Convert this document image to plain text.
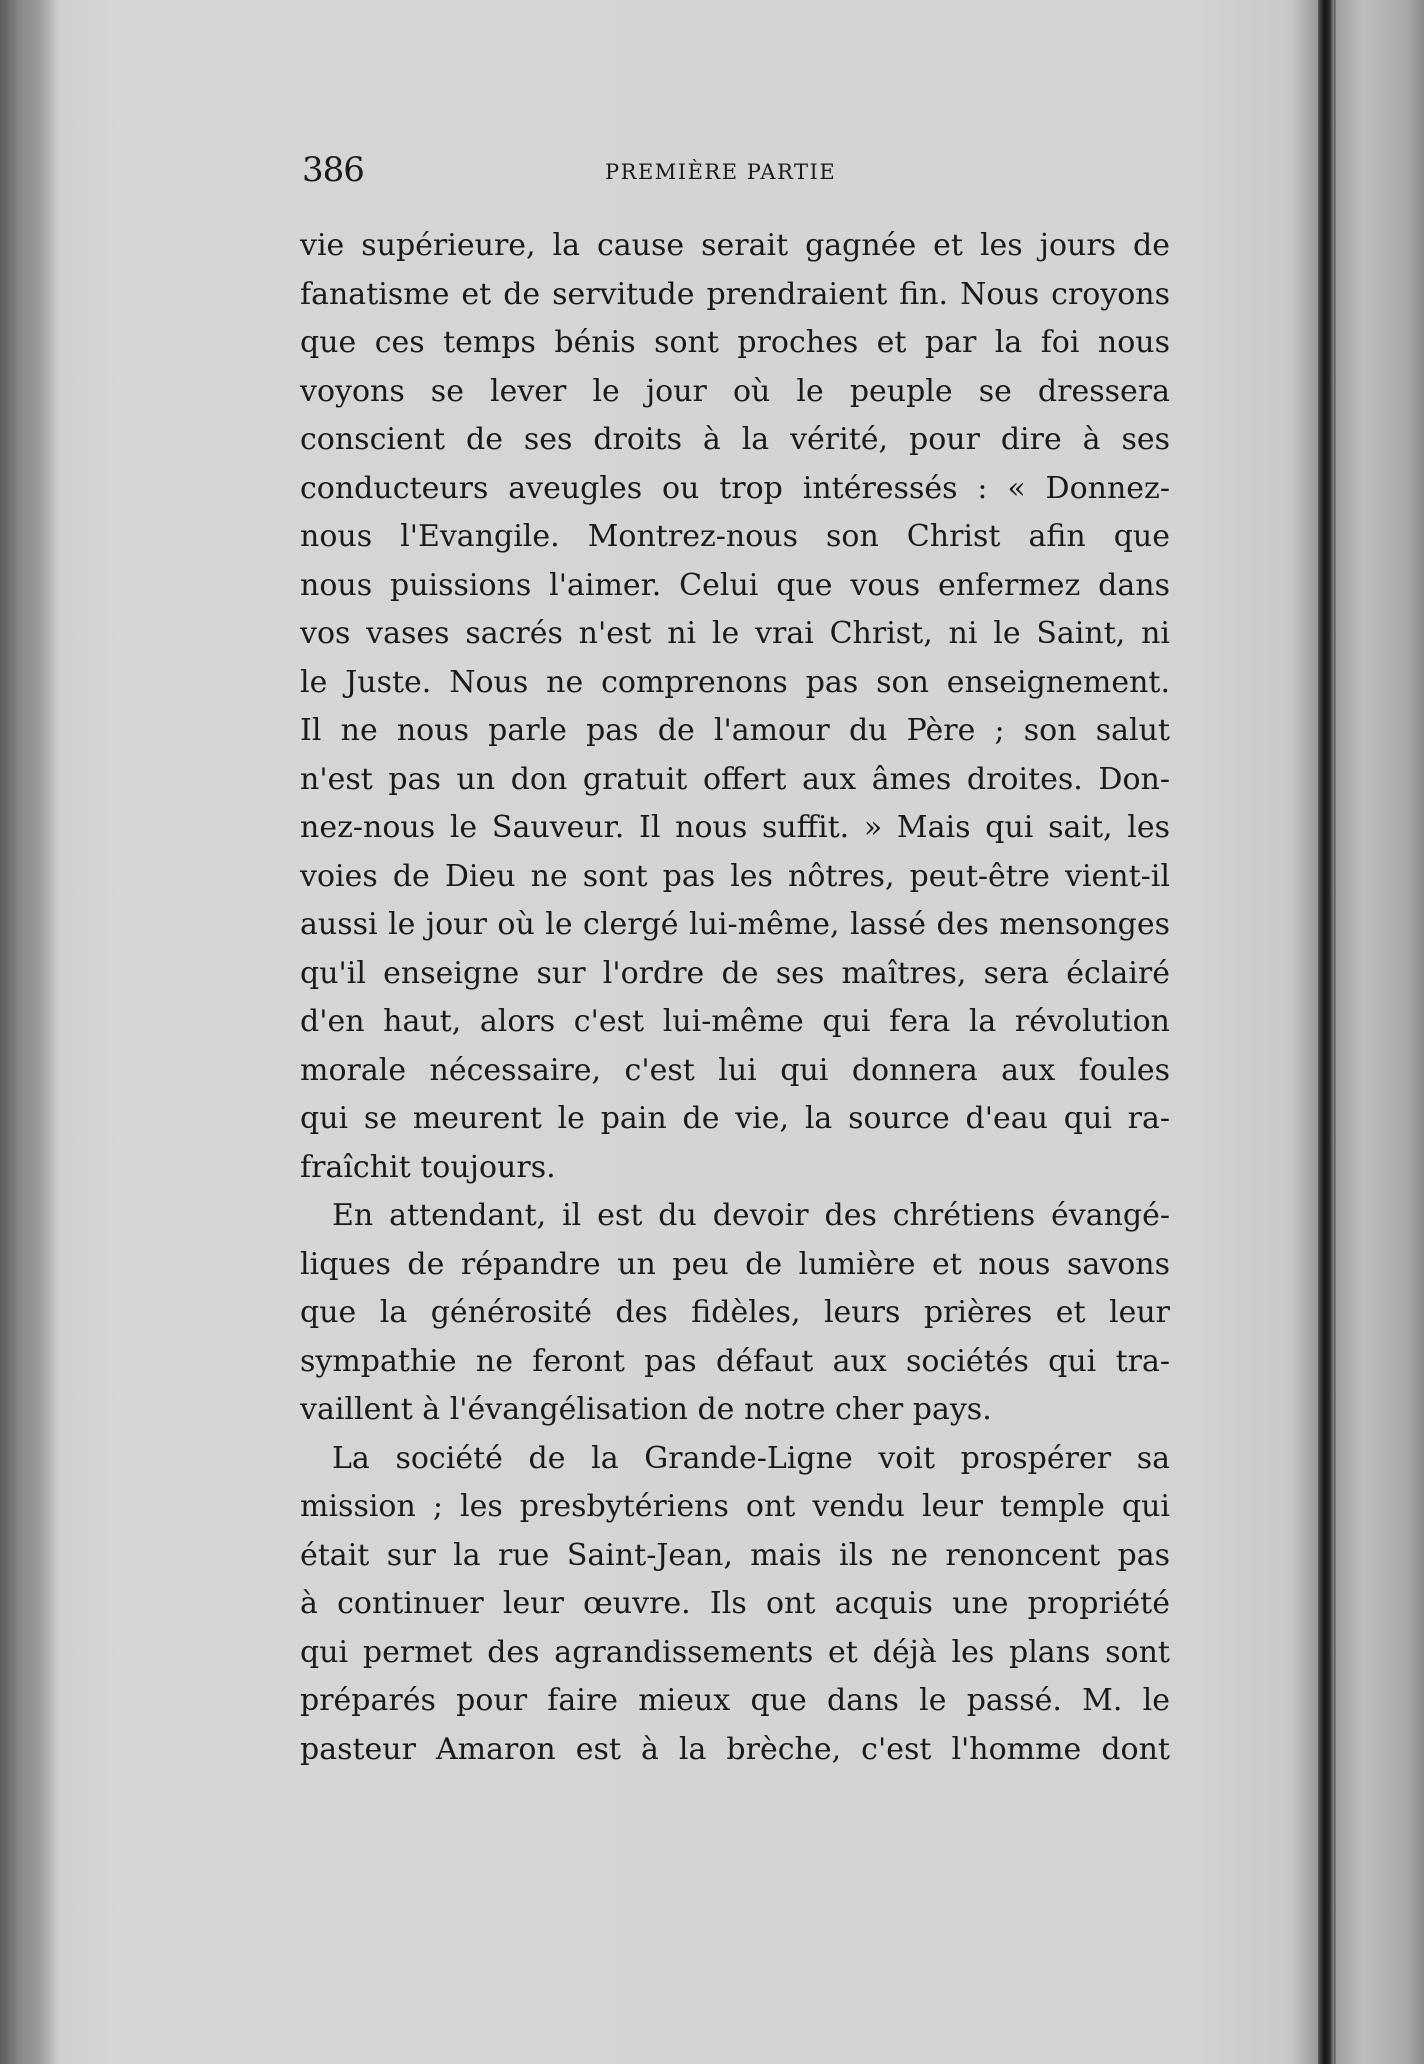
386	PREMIÈRE PARTIE
vie supérieure, la cause serait gagnée et les jours de
fanatisme et de servitude prendraient fin. Nous croyons
que ces temps bénis sont proches et par la foi nous
voyons se lever le jour où le peuple se dressera
conscient de ses droits à la vérité, pour dire à ses
conducteurs aveugles ou trop intéressés : « Donnez-
nous l'Evangile. Montrez-nous son Christ afin que
nous puissions l'aimer. Celui que vous enfermez dans
vos vases sacrés n'est ni le vrai Christ, ni le Saint, ni
le Juste. Nous ne comprenons pas son enseignement.
Il ne nous parle pas de l'amour du Père ; son salut
n'est pas un don gratuit offert aux âmes droites. Don-
nez-nous le Sauveur. Il nous suffit. » Mais qui sait, les
voies de Dieu ne sont pas les nôtres, peut-être vient-il
aussi le jour où le clergé lui-même, lassé des mensonges
qu'il enseigne sur l'ordre de ses maîtres, sera éclairé
d'en haut, alors c'est lui-même qui fera la révolution
morale nécessaire, c'est lui qui donnera aux foules
qui se meurent le pain de vie, la source d'eau qui ra-
fraîchit toujours.
En attendant, il est du devoir des chrétiens évangé-
liques de répandre un peu de lumière et nous savons
que la générosité des fidèles, leurs prières et leur
sympathie ne feront pas défaut aux sociétés qui tra-
vaillent à l'évangélisation de notre cher pays.
La société de la Grande-Ligne voit prospérer sa
mission ; les presbytériens ont vendu leur temple qui
était sur la rue Saint-Jean, mais ils ne renoncent pas
à continuer leur œuvre. Ils ont acquis une propriété
qui permet des agrandissements et déjà les plans sont
préparés pour faire mieux que dans le passé. M. le
pasteur Amaron est à la brèche, c'est l'homme dont
